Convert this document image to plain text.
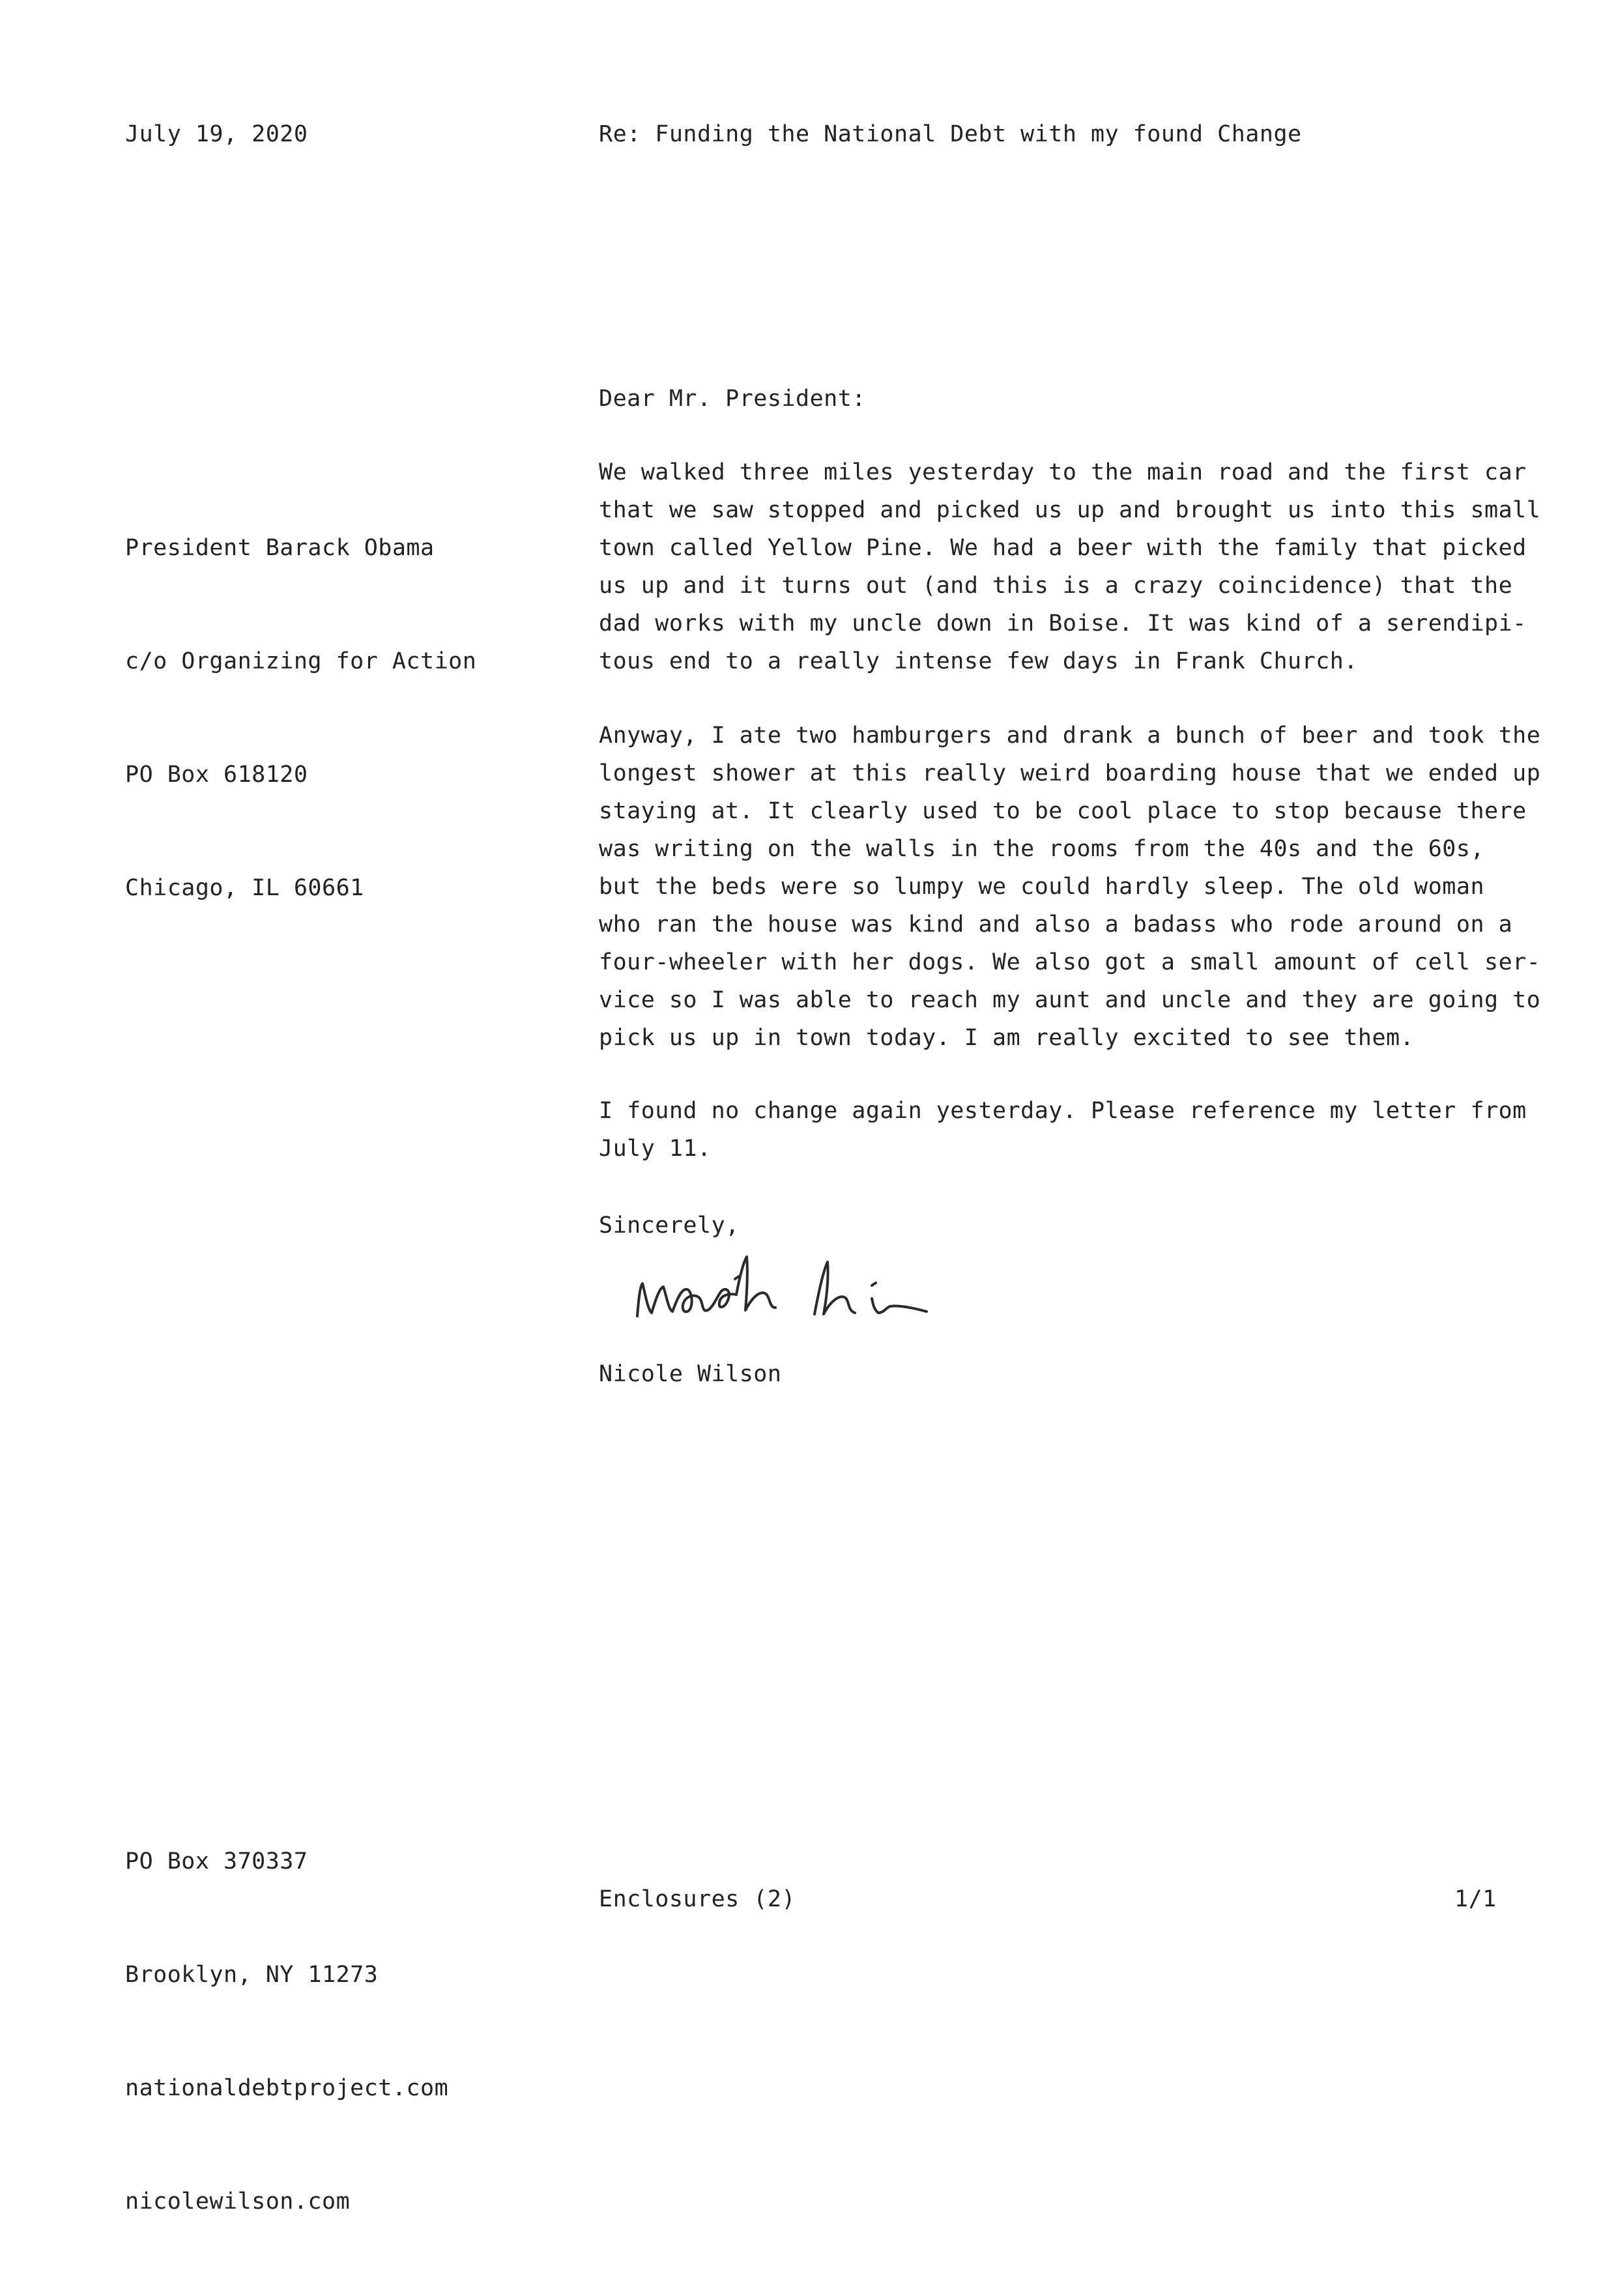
July 19, 2020	Re: Funding the National Debt with my found Change
Dear Mr. President:

President Barack Obama

c/o Organizing for Action

PO Box 618120

Chicago, IL 60661

We walked three miles yesterday to the main road and the first car
that we saw stopped and picked us up and brought us into this small
town called Yellow Pine. We had a beer with the family that picked
us up and it turns out (and this is a crazy coincidence) that the
dad works with my uncle down in Boise. It was kind of a serendipi-
tous end to a really intense few days in Frank Church.
Anyway, I ate two hamburgers and drank a bunch of beer and took the
longest shower at this really weird boarding house that we ended up
staying at. It clearly used to be cool place to stop because there
was writing on the walls in the rooms from the 40s and the 60s,
but the beds were so lumpy we could hardly sleep. The old woman
who ran the house was kind and also a badass who rode around on a
four-wheeler with her dogs. We also got a small amount of cell ser-
vice so I was able to reach my aunt and uncle and they are going to
pick us up in town today. I am really excited to see them.
I found no change again yesterday. Please reference my letter from
July 11.
Sincerely,
Nicole Wilson

PO Box 370337

Brooklyn, NY 11273

nationaldebtproject.com

nicolewilson.com

Enclosures (2)	1/1
